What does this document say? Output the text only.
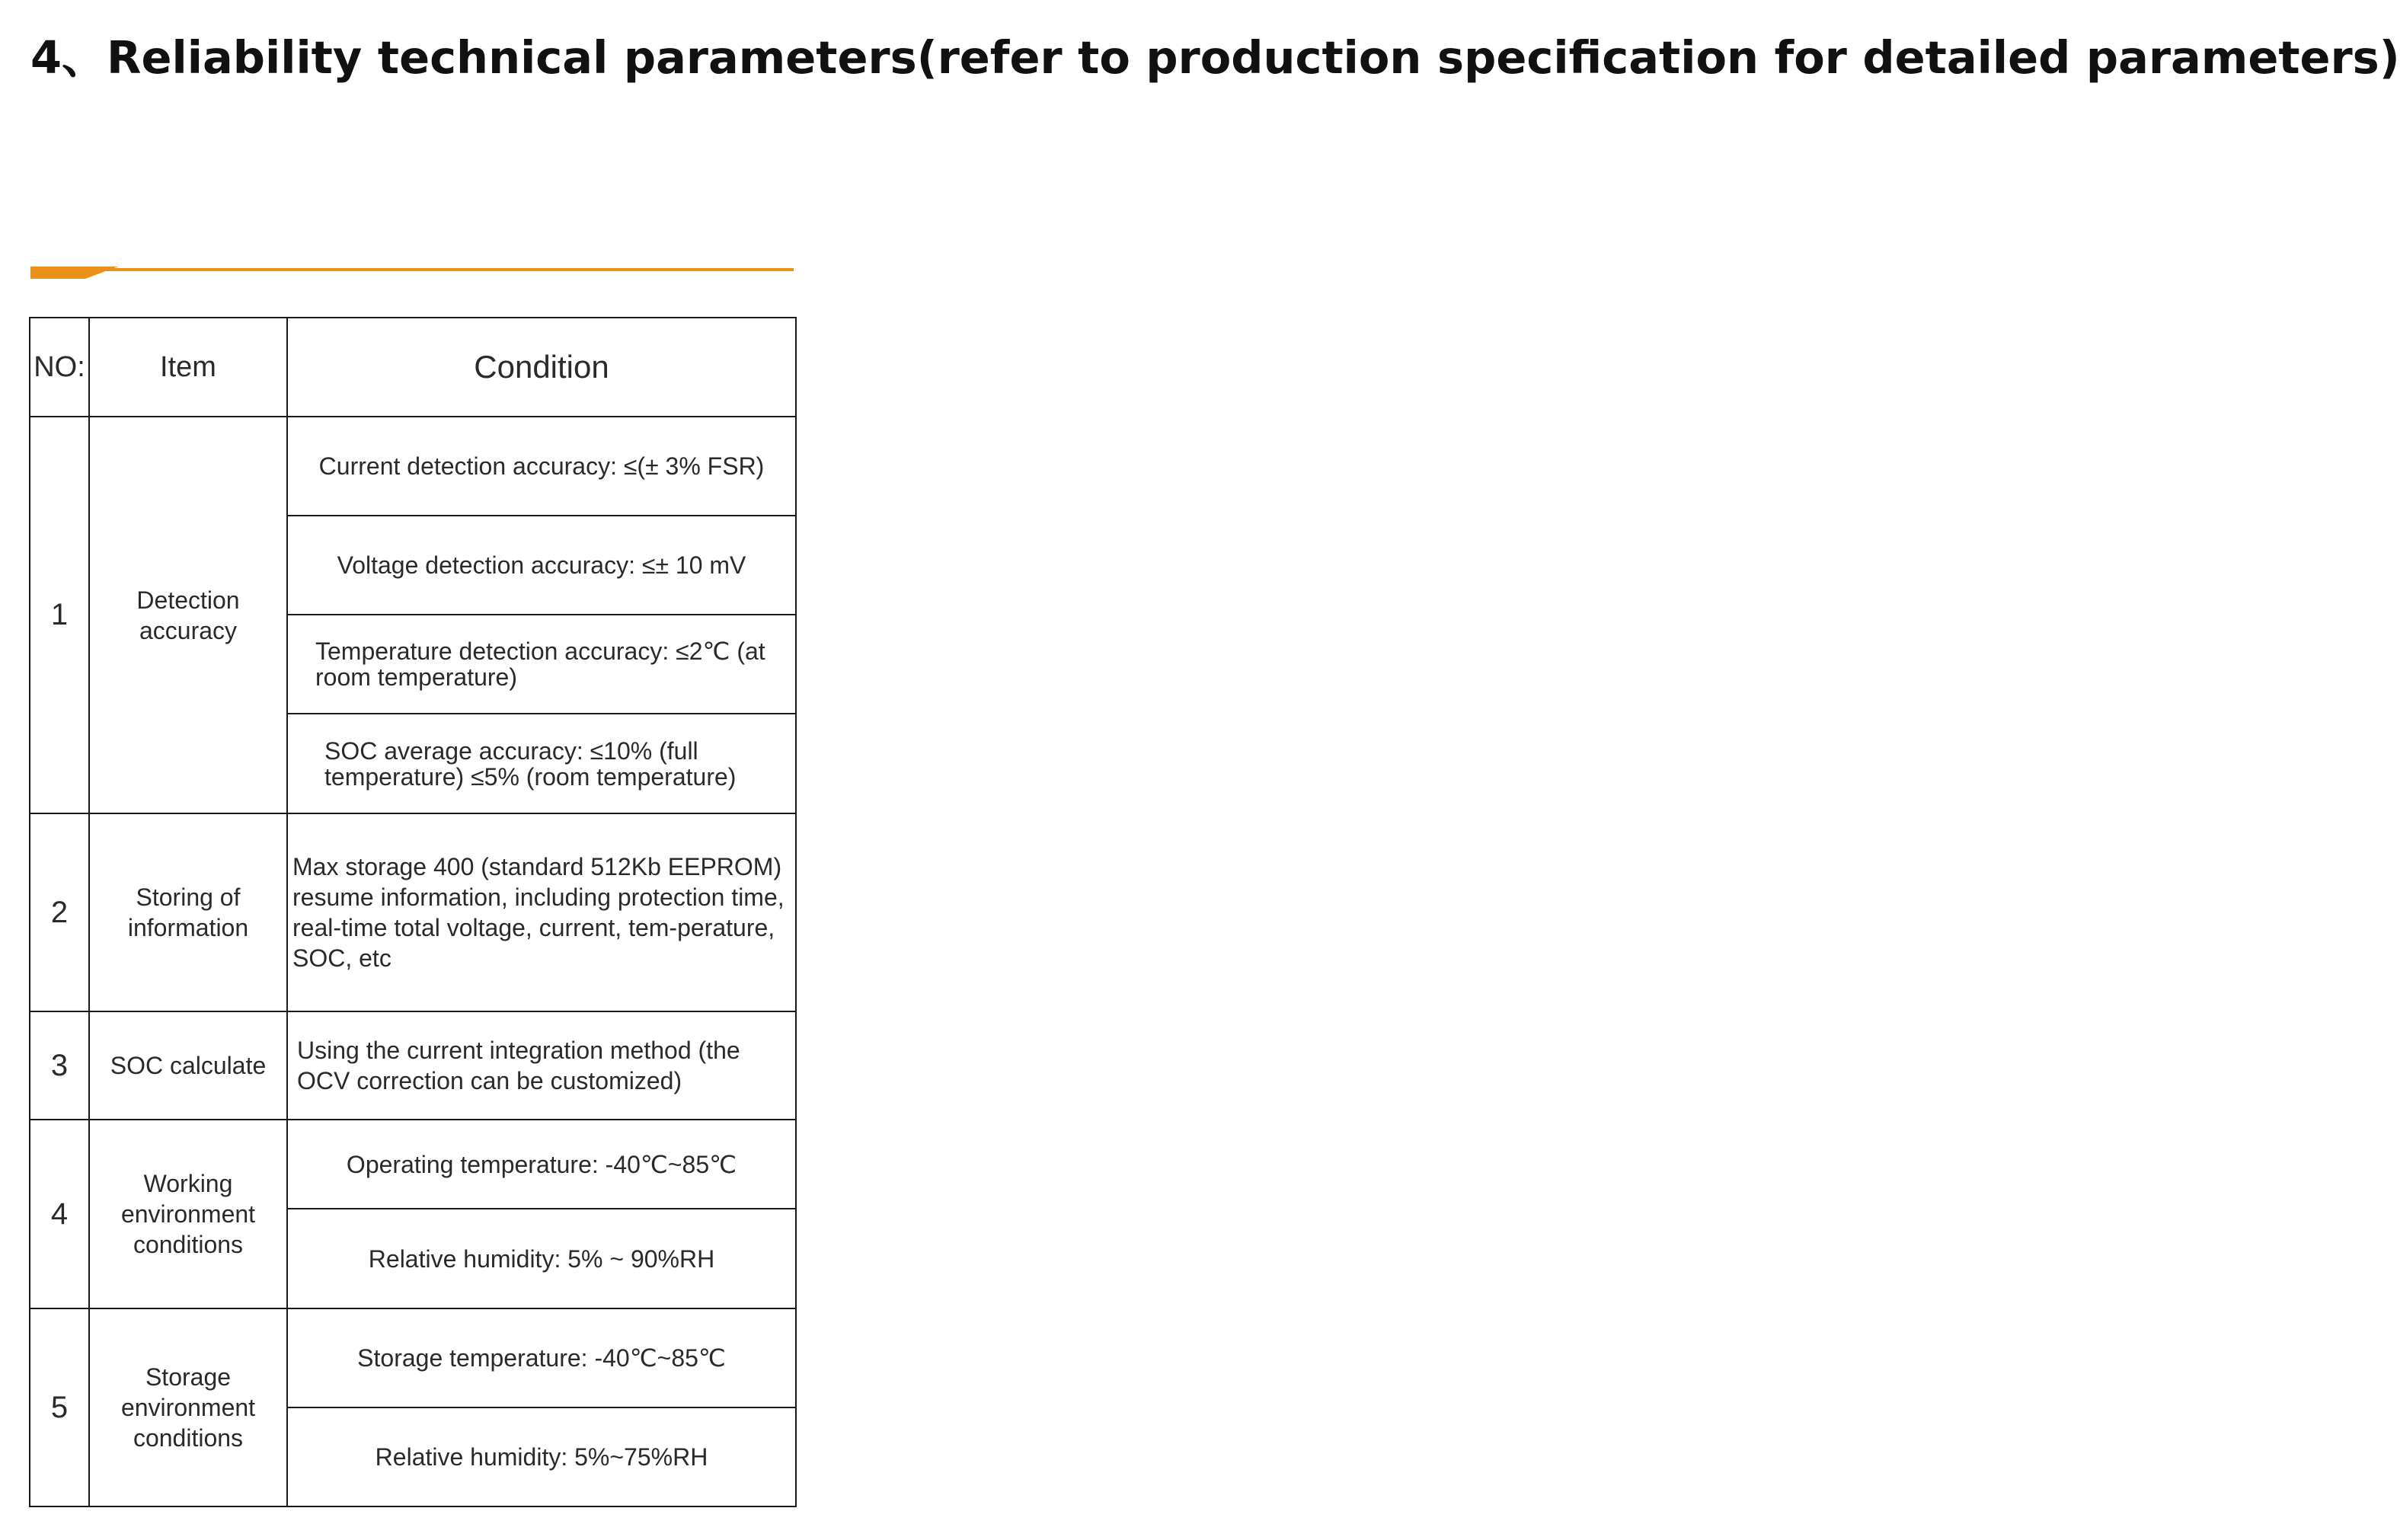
4、Reliability technical parameters(refer to production specification for detailed parameters)
NO:	Item	Condition
1	Detection accuracy	Current detection accuracy: ≤(± 3% FSR)
		Voltage detection accuracy: ≤± 10 mV
		Temperature detection accuracy: ≤2℃ (at room temperature)
		SOC average accuracy: ≤10% (full temperature) ≤5% (room temperature)
2	Storing of information	Max storage 400 (standard 512Kb EEPROM) resume information, including protection time, real-time total voltage, current, tem-perature, SOC, etc
3	SOC calculate	Using the current integration method (the OCV correction can be customized)
4	Working environment conditions	Operating temperature: -40℃~85℃
		Relative humidity: 5% ~ 90%RH
5	Storage environment conditions	Storage temperature: -40℃~85℃
		Relative humidity: 5%~75%RH
